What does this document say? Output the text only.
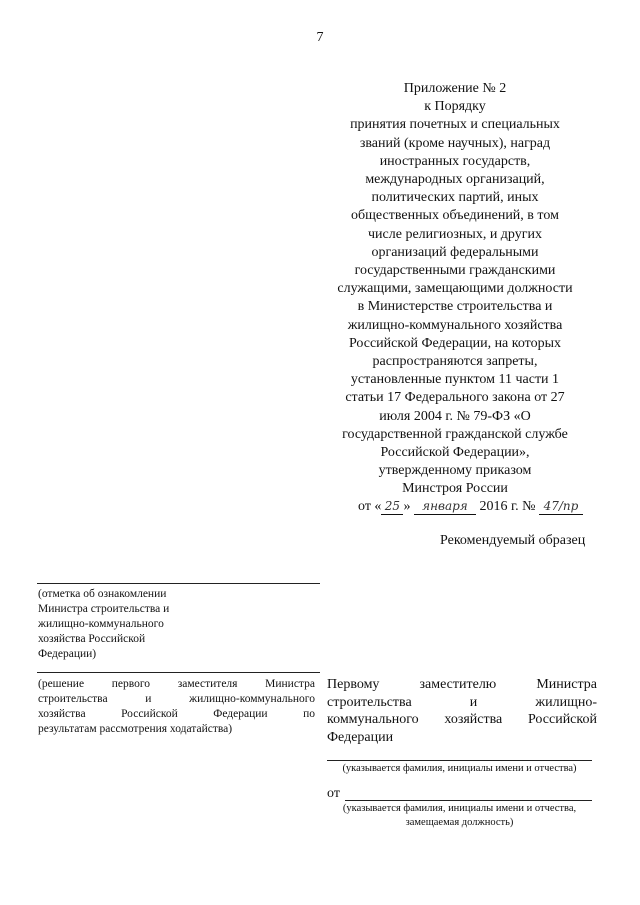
7
Приложение № 2
к Порядку
принятия почетных и специальных
званий (кроме научных), наград
иностранных государств,
международных организаций,
политических партий, иных
общественных объединений, в том
числе религиозных, и других
организаций федеральными
государственными гражданскими
служащими, замещающими должности
в Министерстве строительства и
жилищно-коммунального хозяйства
Российской Федерации, на которых
распространяются запреты,
установленные пунктом 11 части 1
статьи 17 Федерального закона от 27
июля 2004 г. № 79-ФЗ «О
государственной гражданской службе
Российской Федерации»,
утвержденному приказом
Минстроя России
от « 25 » января 2016 г. № 47/пр
Рекомендуемый образец
(отметка об ознакомлении
Министра строительства и
жилищно-коммунального
хозяйства Российской
Федерации)
(решение первого заместителя Министра
строительства	и	жилищно-коммунального
хозяйства	Российской	Федерации	по
результатам рассмотрения ходатайства)
Первому	заместителю	Министра
строительства	и	жилищно-
коммунального хозяйства Российской
Федерации
(указывается фамилия, инициалы имени и отчества)
от
(указывается фамилия, инициалы имени и отчества,
замещаемая должность)
